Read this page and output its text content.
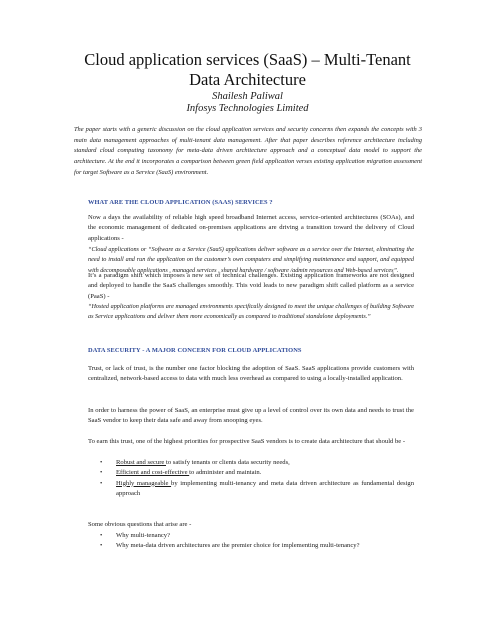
Cloud application services (SaaS) – Multi-Tenant
Data Architecture
Shailesh Paliwal
Infosys Technologies Limited

The paper starts with a generic discussion on the cloud application services and security concerns then expands the concepts with 3 main data management approaches of multi-tenant data management. After that paper describes reference architecture including standard cloud computing taxonomy for meta-data driven architecture approach and a conceptual data model to support the architecture. At the end it incorporates a comparison between green field application verses existing application migration assessment for target Software as a Service (SaaS) environment.

WHAT ARE THE CLOUD APPLICATION (SAAS) SERVICES ?

Now a days the availability of reliable high speed broadband Internet access, service-oriented architectures (SOAs), and the economic management of dedicated on-premises applications are driving a transition toward the delivery of Cloud applications -

“Cloud applications or “Software as a Service (SaaS) applications deliver software as a service over the Internet, eliminating the need to install and run the application on the customer’s own computers and simplifying maintenance and support, and equipped with decomposable applications , managed services , shared hardware / software /admin resources and Web-based services”.

It’s a paradigm shift which imposes a new set of technical challenges. Existing application frameworks are not designed and deployed to handle the SaaS challenges smoothly. This void leads to new paradigm shift called platform as a service (PaaS) -

“Hosted application platforms are managed environments specifically designed to meet the unique challenges of building Software as Service applications and deliver them more economically as compared to traditional standalone deployments.”

DATA SECURITY - A MAJOR CONCERN FOR CLOUD APPLICATIONS

Trust, or lack of trust, is the number one factor blocking the adoption of SaaS. SaaS applications provide customers with centralized, network-based access to data with much less overhead as compared to using a locally-installed application.

In order to harness the power of SaaS, an enterprise must give up a level of control over its own data and needs to trust the SaaS vendor to keep their data safe and away from snooping eyes.

To earn this trust, one of the highest priorities for prospective SaaS vendors is to create data architecture that should be -

• Robust and secure to satisfy tenants or clients data security needs,
• Efficient and cost-effective to administer and maintain.
• Highly manageable by implementing multi-tenancy and meta data driven architecture as fundamental design approach

Some obvious questions that arise are -

• Why multi-tenancy?
• Why meta-data driven architectures are the premier choice for implementing multi-tenancy?
